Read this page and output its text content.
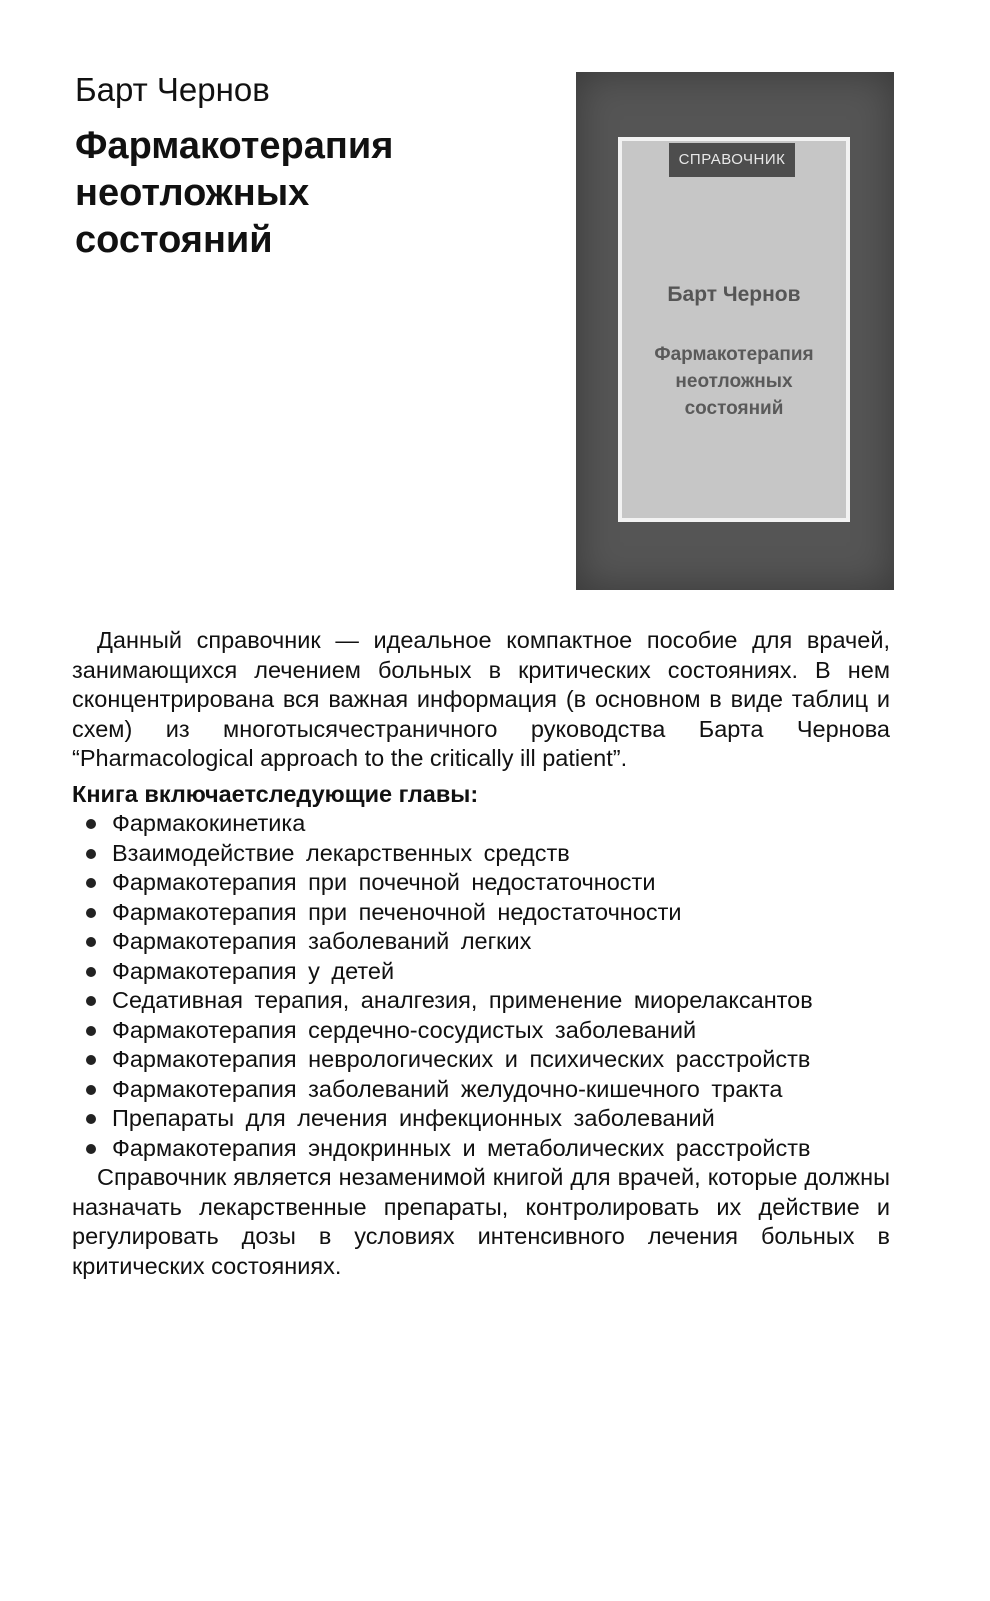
Барт Чернов
Фармакотерапия
неотложных
состояний
СПРАВОЧНИК
Барт Чернов
Фармакотерапия
неотложных
состояний

Данный справочник — идеальное компактное пособие для врачей, занимающихся лечением больных в критических состояниях. В нем сконцентрирована вся важная информация (в основном в виде таблиц и схем) из многотысячестраничного руководства Барта Чернова “Pharmacological approach to the critically ill patient”.

Книга включаетследующие главы:

Фармакокинетика
Взаимодействие лекарственных средств
Фармакотерапия при почечной недостаточности
Фармакотерапия при печеночной недостаточности
Фармакотерапия заболеваний легких
Фармакотерапия у детей
Седативная терапия, аналгезия, применение миорелаксантов
Фармакотерапия сердечно-сосудистых заболеваний
Фармакотерапия неврологических и психических расстройств
Фармакотерапия заболеваний желудочно-кишечного тракта
Препараты для лечения инфекционных заболеваний
Фармакотерапия эндокринных и метаболических расстройств

Справочник является незаменимой книгой для врачей, которые должны назначать лекарственные препараты, контролировать их действие и регулировать дозы в условиях интенсивного лечения больных в критических состояниях.
